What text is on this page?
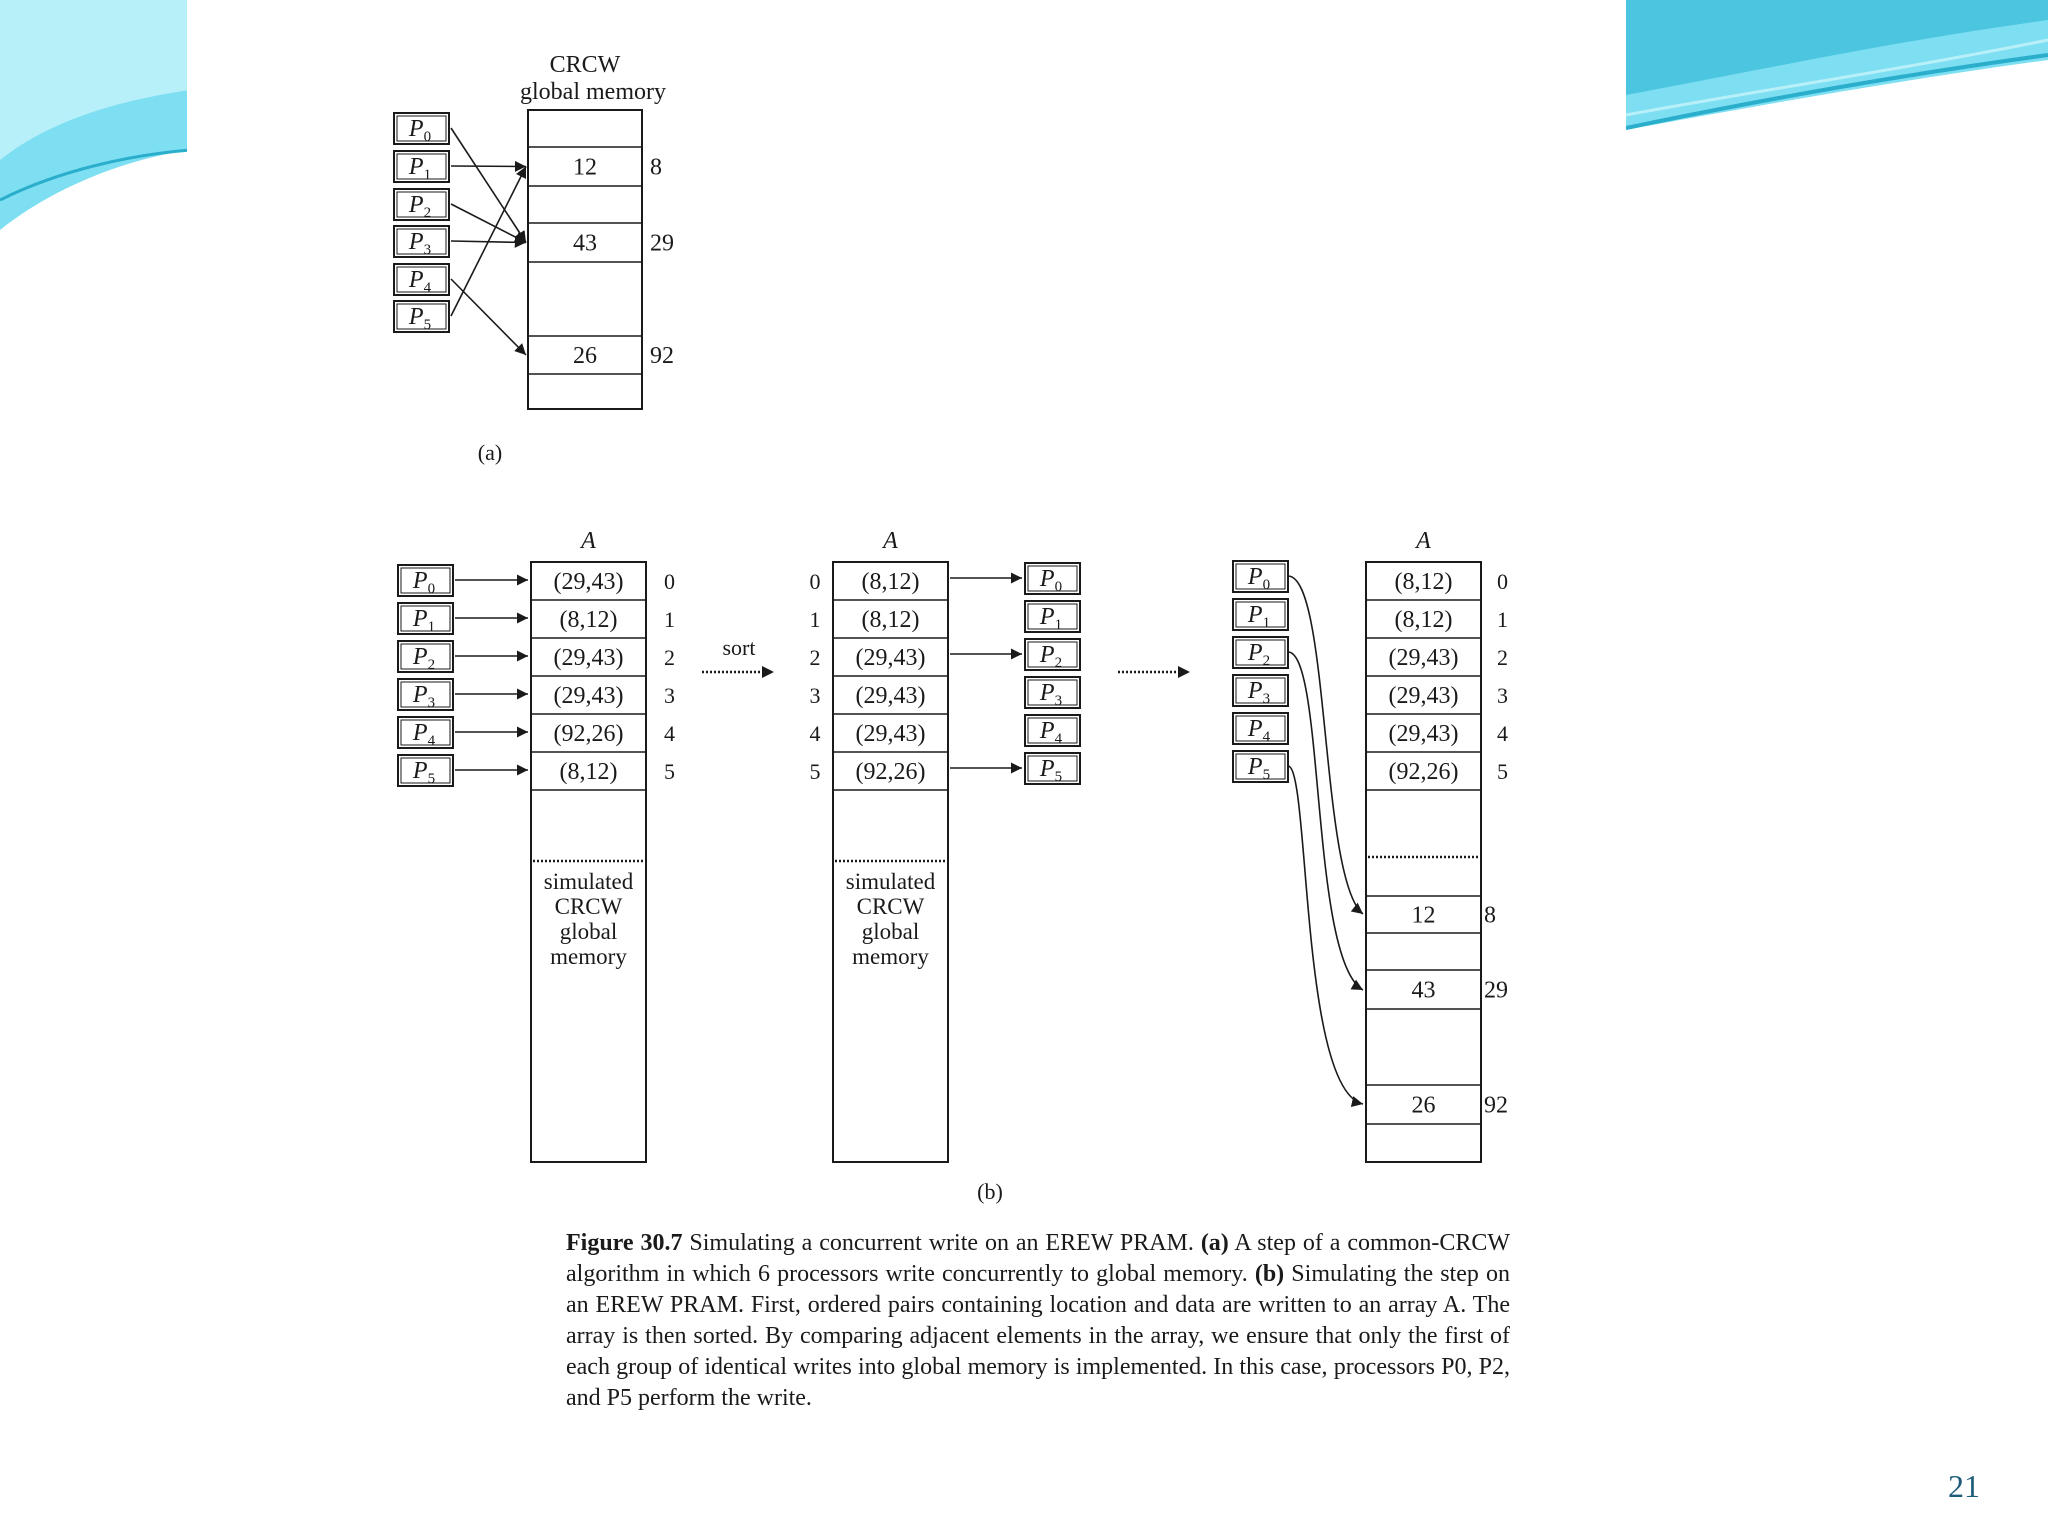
CRCW
global memory
12 8
43 29
26 92
$P_0$
$P_1$
$P_2$
$P_3$
$P_4$
$P_5$
(a)
A
(29,43) 0
(8,12) 1
(29,43) 2
(29,43) 3
(92,26) 4
(8,12) 5
simulated
CRCW
global
memory
A
(8,12)
0
(8,12)
1
(29,43)
2
(29,43)
3
(29,43)
4
(92,26)
5
simulated
CRCW
global
memory
A
(8,12) 0
(8,12) 1
(29,43) 2
(29,43) 3
(29,43) 4
(92,26) 5
12 8
43 29
26 92
$P_0$
$P_1$
$P_2$
$P_3$
$P_4$
$P_5$
sort
$P_0$
$P_1$
$P_2$
$P_3$
$P_4$
$P_5$
$P_0$
$P_1$
$P_2$
$P_3$
$P_4$
$P_5$
(b)
Figure 30.7 Simulating a concurrent write on an EREW PRAM. (a) A step of a common-CRCW algorithm in which 6 processors write concurrently to global memory. (b) Simulating the step on an EREW PRAM. First, ordered pairs containing location and data are written to an array A. The array is then sorted. By comparing adjacent elements in the array, we ensure that only the first of each group of identical writes into global memory is implemented. In this case, processors P0, P2, and P5 perform the write.
21
